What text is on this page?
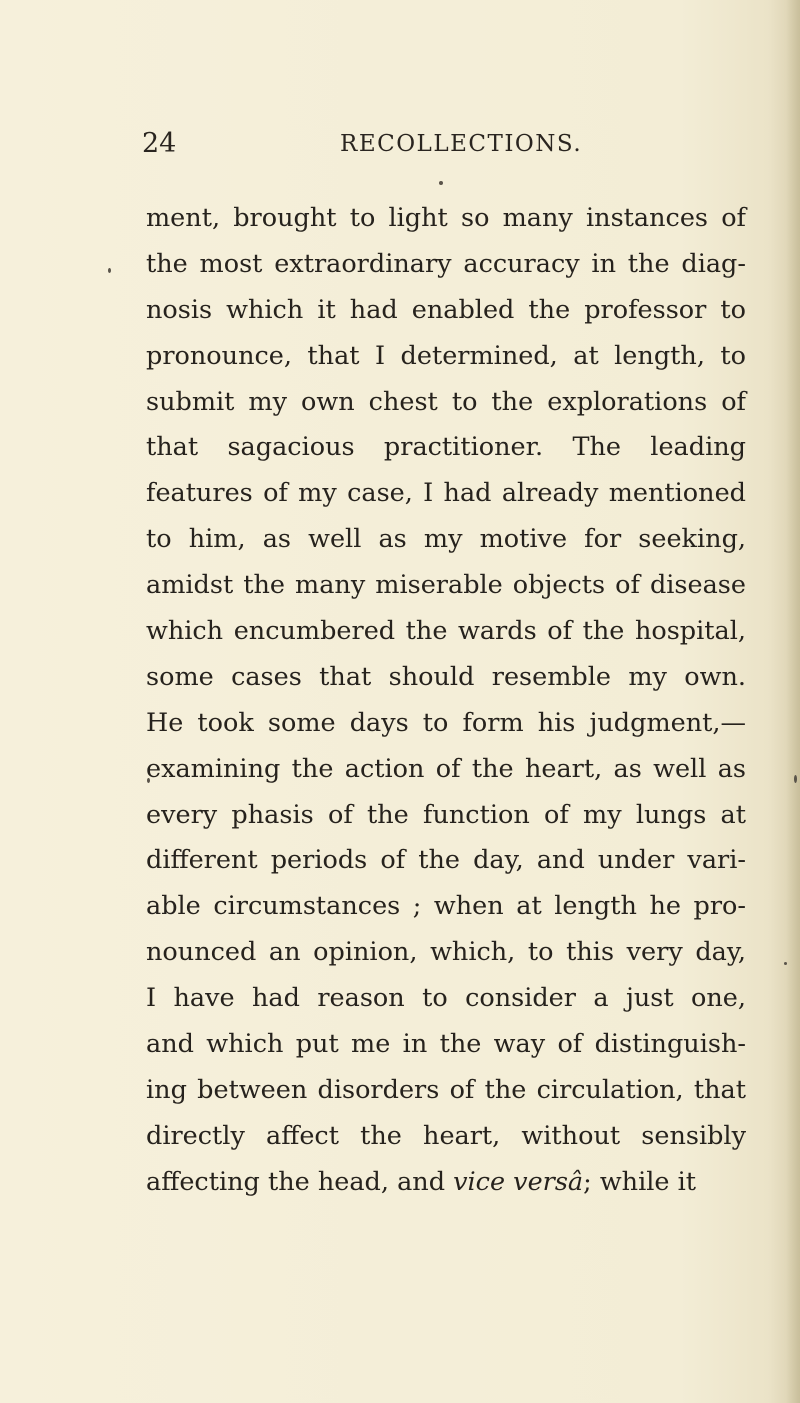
24	RECOLLECTIONS.
ment, brought to light so many instances of
the most extraordinary accuracy in the diag-
nosis which it had enabled the professor to
pronounce, that I determined, at length, to
submit my own chest to the explorations of
that sagacious practitioner. The leading
features of my case, I had already mentioned
to him, as well as my motive for seeking,
amidst the many miserable objects of disease
which encumbered the wards of the hospital,
some cases that should resemble my own.
He took some days to form his judgment,—
examining the action of the heart, as well as
every phasis of the function of my lungs at
different periods of the day, and under vari-
able circumstances ; when at length he pro-
nounced an opinion, which, to this very day,
I have had reason to consider a just one,
and which put me in the way of distinguish-
ing between disorders of the circulation, that
directly affect the heart, without sensibly
affecting the head, and vice versâ; while it
